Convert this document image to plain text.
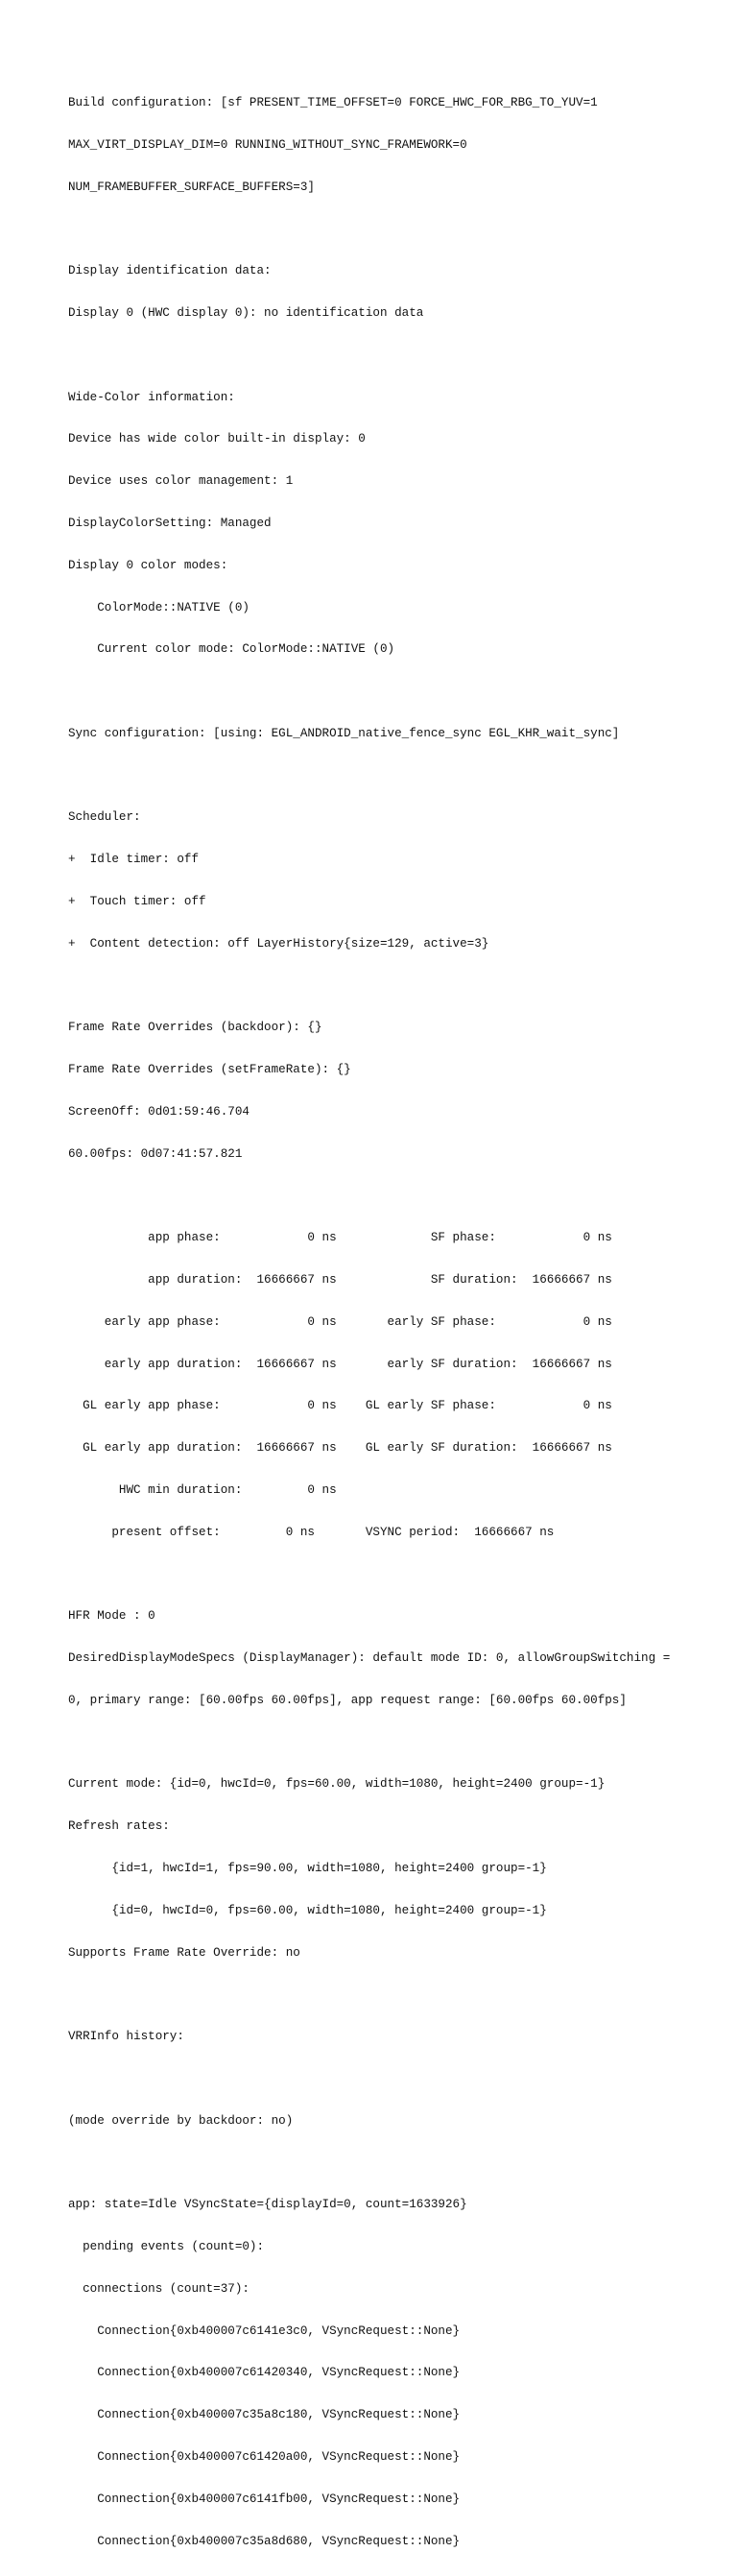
Build configuration: [sf PRESENT_TIME_OFFSET=0 FORCE_HWC_FOR_RBG_TO_YUV=1

MAX_VIRT_DISPLAY_DIM=0 RUNNING_WITHOUT_SYNC_FRAMEWORK=0

NUM_FRAMEBUFFER_SURFACE_BUFFERS=3]

Display identification data:

Display 0 (HWC display 0): no identification data

Wide-Color information:

Device has wide color built-in display: 0

Device uses color management: 1

DisplayColorSetting: Managed

Display 0 color modes:

ColorMode::NATIVE (0)

Current color mode: ColorMode::NATIVE (0)

Sync configuration: [using: EGL_ANDROID_native_fence_sync EGL_KHR_wait_sync]

Scheduler:

+  Idle timer: off

+  Touch timer: off

+  Content detection: off LayerHistory{size=129, active=3}

Frame Rate Overrides (backdoor): {}

Frame Rate Overrides (setFrameRate): {}

ScreenOff: 0d01:59:46.704

60.00fps: 0d07:41:57.821

app phase:            0 ns             SF phase:            0 ns

app duration:  16666667 ns             SF duration:  16666667 ns

early app phase:            0 ns       early SF phase:            0 ns

early app duration:  16666667 ns       early SF duration:  16666667 ns

GL early app phase:            0 ns    GL early SF phase:            0 ns

GL early app duration:  16666667 ns    GL early SF duration:  16666667 ns

HWC min duration:         0 ns

present offset:         0 ns       VSYNC period:  16666667 ns

HFR Mode : 0

DesiredDisplayModeSpecs (DisplayManager): default mode ID: 0, allowGroupSwitching =

0, primary range: [60.00fps 60.00fps], app request range: [60.00fps 60.00fps]

Current mode: {id=0, hwcId=0, fps=60.00, width=1080, height=2400 group=-1}

Refresh rates:

{id=1, hwcId=1, fps=90.00, width=1080, height=2400 group=-1}

{id=0, hwcId=0, fps=60.00, width=1080, height=2400 group=-1}

Supports Frame Rate Override: no

VRRInfo history:

(mode override by backdoor: no)

app: state=Idle VSyncState={displayId=0, count=1633926}

pending events (count=0):

connections (count=37):

Connection{0xb400007c6141e3c0, VSyncRequest::None}

Connection{0xb400007c61420340, VSyncRequest::None}

Connection{0xb400007c35a8c180, VSyncRequest::None}

Connection{0xb400007c61420a00, VSyncRequest::None}

Connection{0xb400007c6141fb00, VSyncRequest::None}

Connection{0xb400007c35a8d680, VSyncRequest::None}
